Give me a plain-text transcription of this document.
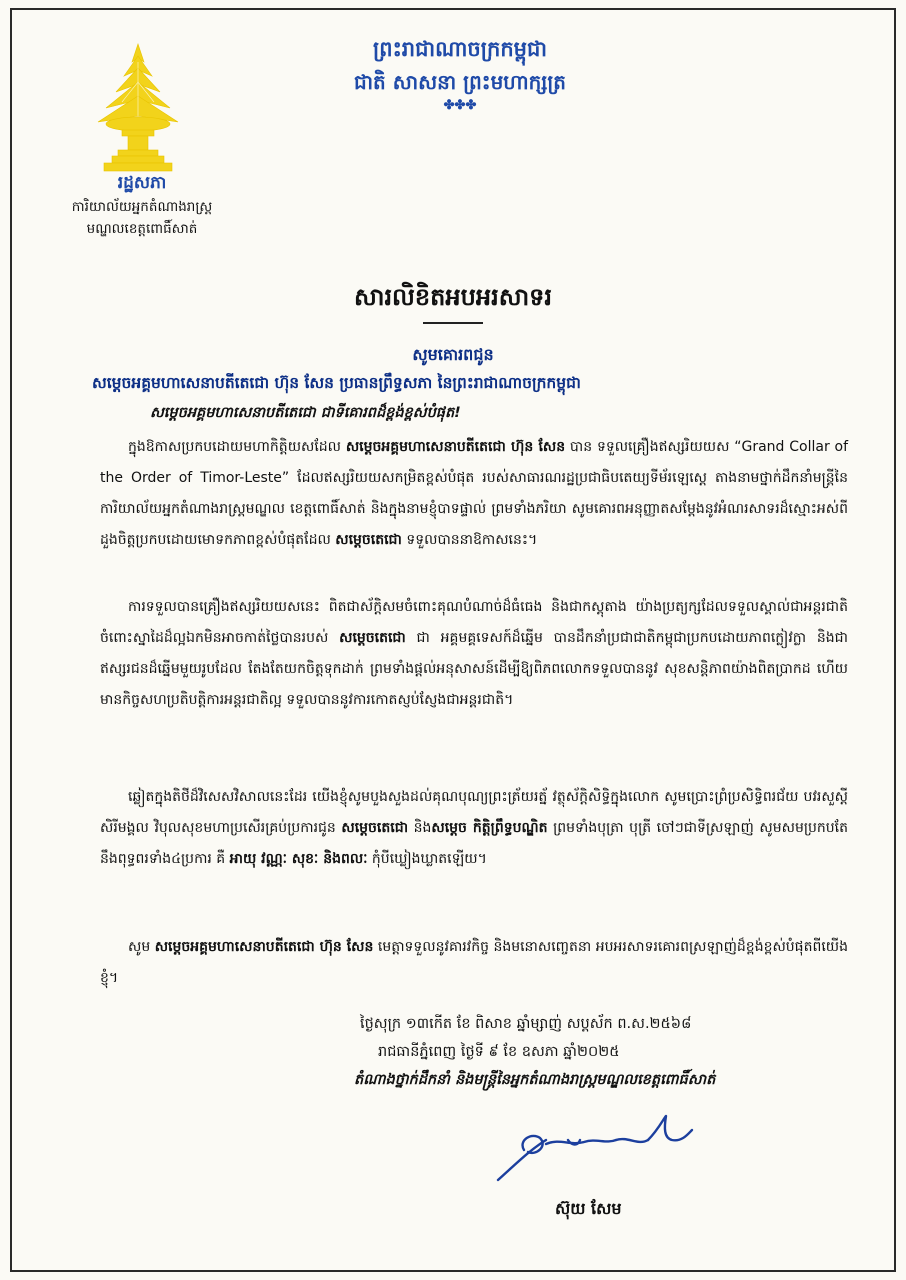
រដ្ឋសភា
ការិយាល័យអ្នកតំណាងរាស្ត្រ
មណ្ឌលខេត្តពោធិ៍សាត់
ព្រះរាជាណាចក្រកម្ពុជា
ជាតិ សាសនា ព្រះមហាក្សត្រ
✤✤✤
សារលិខិតអបអរសាទរ
សូមគោរពជូន
សម្តេចអគ្គមហាសេនាបតីតេជោ ហ៊ុន សែន ប្រធានព្រឹទ្ធសភា នៃព្រះរាជាណាចក្រកម្ពុជា
សម្តេចអគ្គមហាសេនាបតីតេជោ ជាទីគោរពដ៏ខ្ពង់ខ្ពស់បំផុត!
ក្នុងឱកាសប្រកបដោយមហាកិត្តិយសដែល សម្តេចអគ្គមហាសេនាបតីតេជោ ហ៊ុន សែន បាន ទទួលគ្រឿងឥស្សរិយយស “Grand Collar of the Order of Timor-Leste” ដែលឥស្សរិយយសកម្រិតខ្ពស់បំផុត របស់សាធារណរដ្ឋប្រជាធិបតេយ្យទីម័រឡេស្តេ តាងនាមថ្នាក់ដឹកនាំមន្ត្រីនៃការិយាល័យអ្នកតំណាងរាស្ត្រមណ្ឌល ខេត្តពោធិ៍សាត់ និងក្នុងនាមខ្ញុំបាទផ្ទាល់ ព្រមទាំងភរិយា សូមគោរពអនុញ្ញាតសម្តែងនូវអំណរសាទរដ៏ស្មោះអស់ពី ដួងចិត្តប្រកបដោយមោទកភាពខ្ពស់បំផុតដែល សម្តេចតេជោ ទទួលបាននាឱកាសនេះ។
ការទទួលបានគ្រឿងឥស្សរិយយសនេះ ពិតជាស័ក្តិសមចំពោះគុណបំណាច់ដ៏ធំធេង និងជាកស្តុតាង យ៉ាងប្រត្យក្សដែលទទួលស្គាល់ជាអន្តរជាតិចំពោះស្នាដៃដ៏ល្អឯកមិនអាចកាត់ថ្លៃបានរបស់ សម្តេចតេជោ ជា អគ្គមគ្គទេសក៍ដ៏ឆ្នើម បានដឹកនាំប្រជាជាតិកម្ពុជាប្រកបដោយភាពក្លៀវក្លា និងជាឥស្សរជនដ៏ឆ្នើមមួយរូបដែល តែងតែយកចិត្តទុកដាក់ ព្រមទាំងផ្តល់អនុសាសន៍ដើម្បីឱ្យពិភពលោកទទួលបាននូវ សុខសន្តិភាពយ៉ាងពិតប្រាកដ ហើយមានកិច្ចសហប្រតិបត្តិការអន្តរជាតិល្អ ទទួលបាននូវការកោតស្ញប់ស្ញែងជាអន្តរជាតិ។
ឆ្លៀតក្នុងតិថីដ៏វិសេសវិសាលនេះដែរ យើងខ្ញុំសូមបួងសួងដល់គុណបុណ្យព្រះត្រ័យរត្ន័ វត្ថុស័ក្តិសិទ្ធិក្នុងលោក សូមប្រោះព្រំប្រសិទ្ធិពរជ័យ បវរសួស្តី សិរីមង្គល វិបុលសុខមហាប្រសើរគ្រប់ប្រការជូន សម្តេចតេជោ និងសម្តេច កិត្តិព្រឹទ្ធបណ្ឌិត ព្រមទាំងបុត្រា បុត្រី ចៅៗជាទីស្រឡាញ់ សូមសមប្រកបតែនឹងពុទ្ធពរទាំង៤ប្រការ គឺ អាយុ វណ្ណៈ សុខៈ និងពលៈ កុំបីឃ្លៀងឃ្លាតឡើយ។
សូម សម្តេចអគ្គមហាសេនាបតីតេជោ ហ៊ុន សែន មេត្តាទទួលនូវគារវកិច្ច និងមនោសញ្ចេតនា អបអរសាទរគោរពស្រឡាញ់ដ៏ខ្ពង់ខ្ពស់បំផុតពីយើងខ្ញុំ។
ថ្ងៃសុក្រ ១៣កើត ខែ ពិសាខ ឆ្នាំម្សាញ់ សប្តស័ក ព.ស.២៥៦៨
រាជធានីភ្នំពេញ ថ្ងៃទី ៩ ខែ ឧសភា ឆ្នាំ២០២៥
តំណាងថ្នាក់ដឹកនាំ និងមន្ត្រីនៃអ្នកតំណាងរាស្ត្រមណ្ឌលខេត្តពោធិ៍សាត់
ស៊ុយ សែម
